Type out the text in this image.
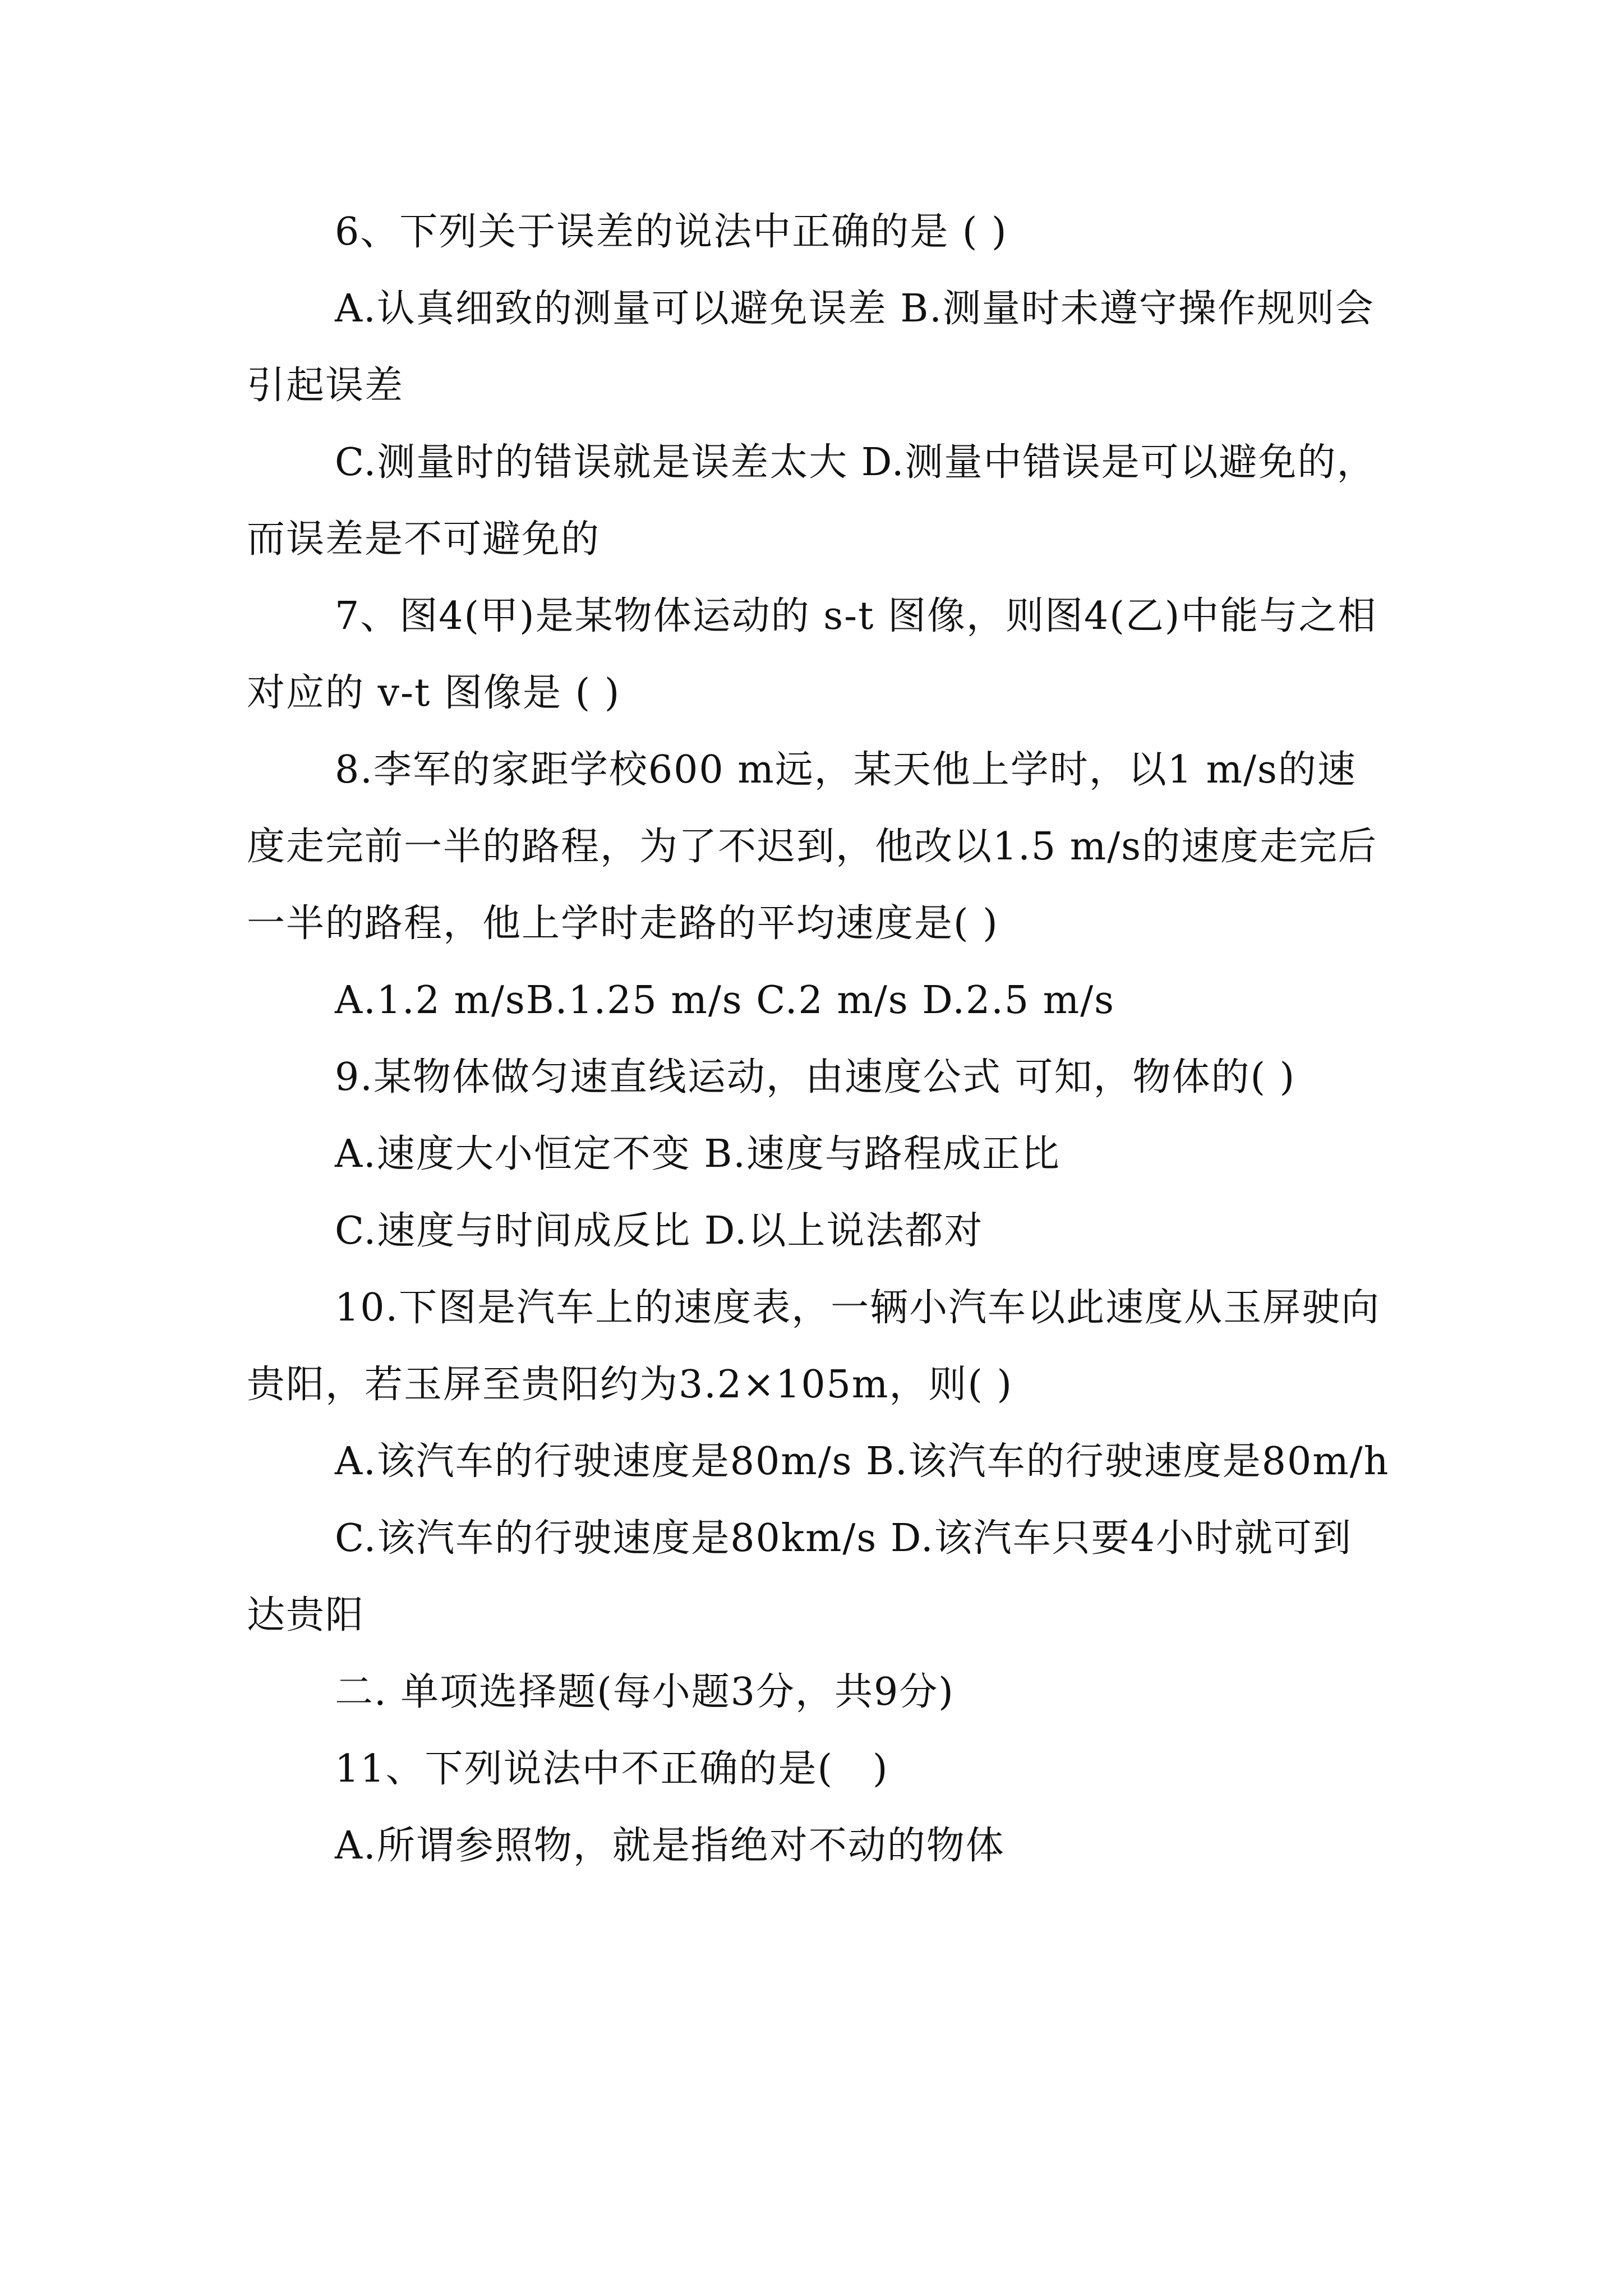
6、下列关于误差的说法中正确的是 ( )

A.认真细致的测量可以避免误差 B.测量时未遵守操作规则会引起误差

C.测量时的错误就是误差太大 D.测量中错误是可以避免的，而误差是不可避免的

7、图4(甲)是某物体运动的 s-t 图像，则图4(乙)中能与之相对应的 v-t 图像是 ( )

8.李军的家距学校600 m远，某天他上学时，以1 m/s的速度走完前一半的路程，为了不迟到，他改以1.5 m/s的速度走完后一半的路程，他上学时走路的平均速度是( )

A.1.2 m/sB.1.25 m/s C.2 m/s D.2.5 m/s

9.某物体做匀速直线运动，由速度公式 可知，物体的( )

A.速度大小恒定不变 B.速度与路程成正比

C.速度与时间成反比 D.以上说法都对

10.下图是汽车上的速度表，一辆小汽车以此速度从玉屏驶向贵阳，若玉屏至贵阳约为3.2×105m，则( )

A.该汽车的行驶速度是80m/s B.该汽车的行驶速度是80m/h

C.该汽车的行驶速度是80km/s D.该汽车只要4小时就可到达贵阳

二. 单项选择题(每小题3分，共9分)

11、下列说法中不正确的是(　)

A.所谓参照物，就是指绝对不动的物体
